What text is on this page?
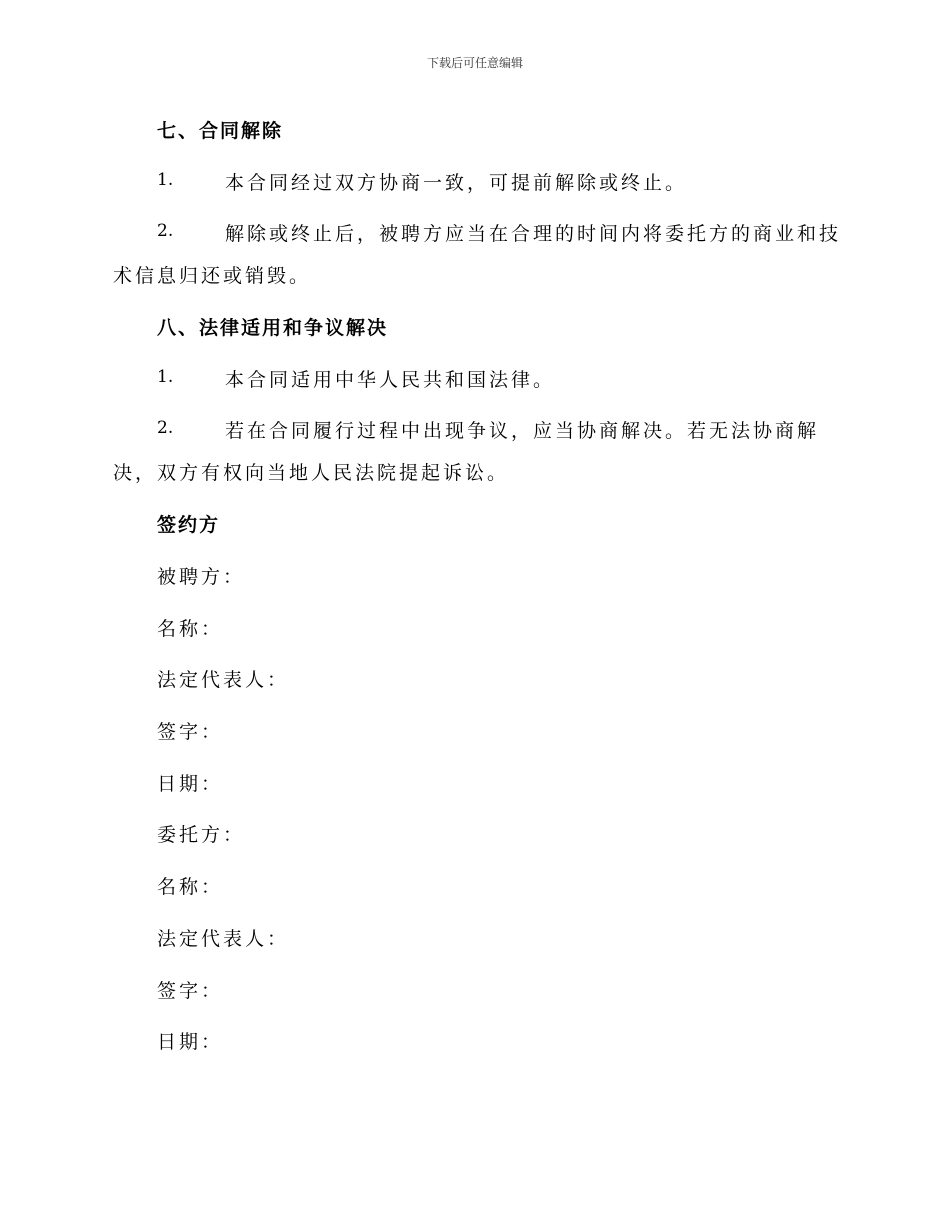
下载后可任意编辑
七、合同解除
1.	本合同经过双方协商一致，可提前解除或终止。
2.	解除或终止后，被聘方应当在合理的时间内将委托方的商业和技
术信息归还或销毁。
八、法律适用和争议解决
1.	本合同适用中华人民共和国法律。
2.	若在合同履行过程中出现争议，应当协商解决。若无法协商解
决，双方有权向当地人民法院提起诉讼。
签约方
被聘方：
名称：
法定代表人：
签字：
日期：
委托方：
名称：
法定代表人：
签字：
日期：
